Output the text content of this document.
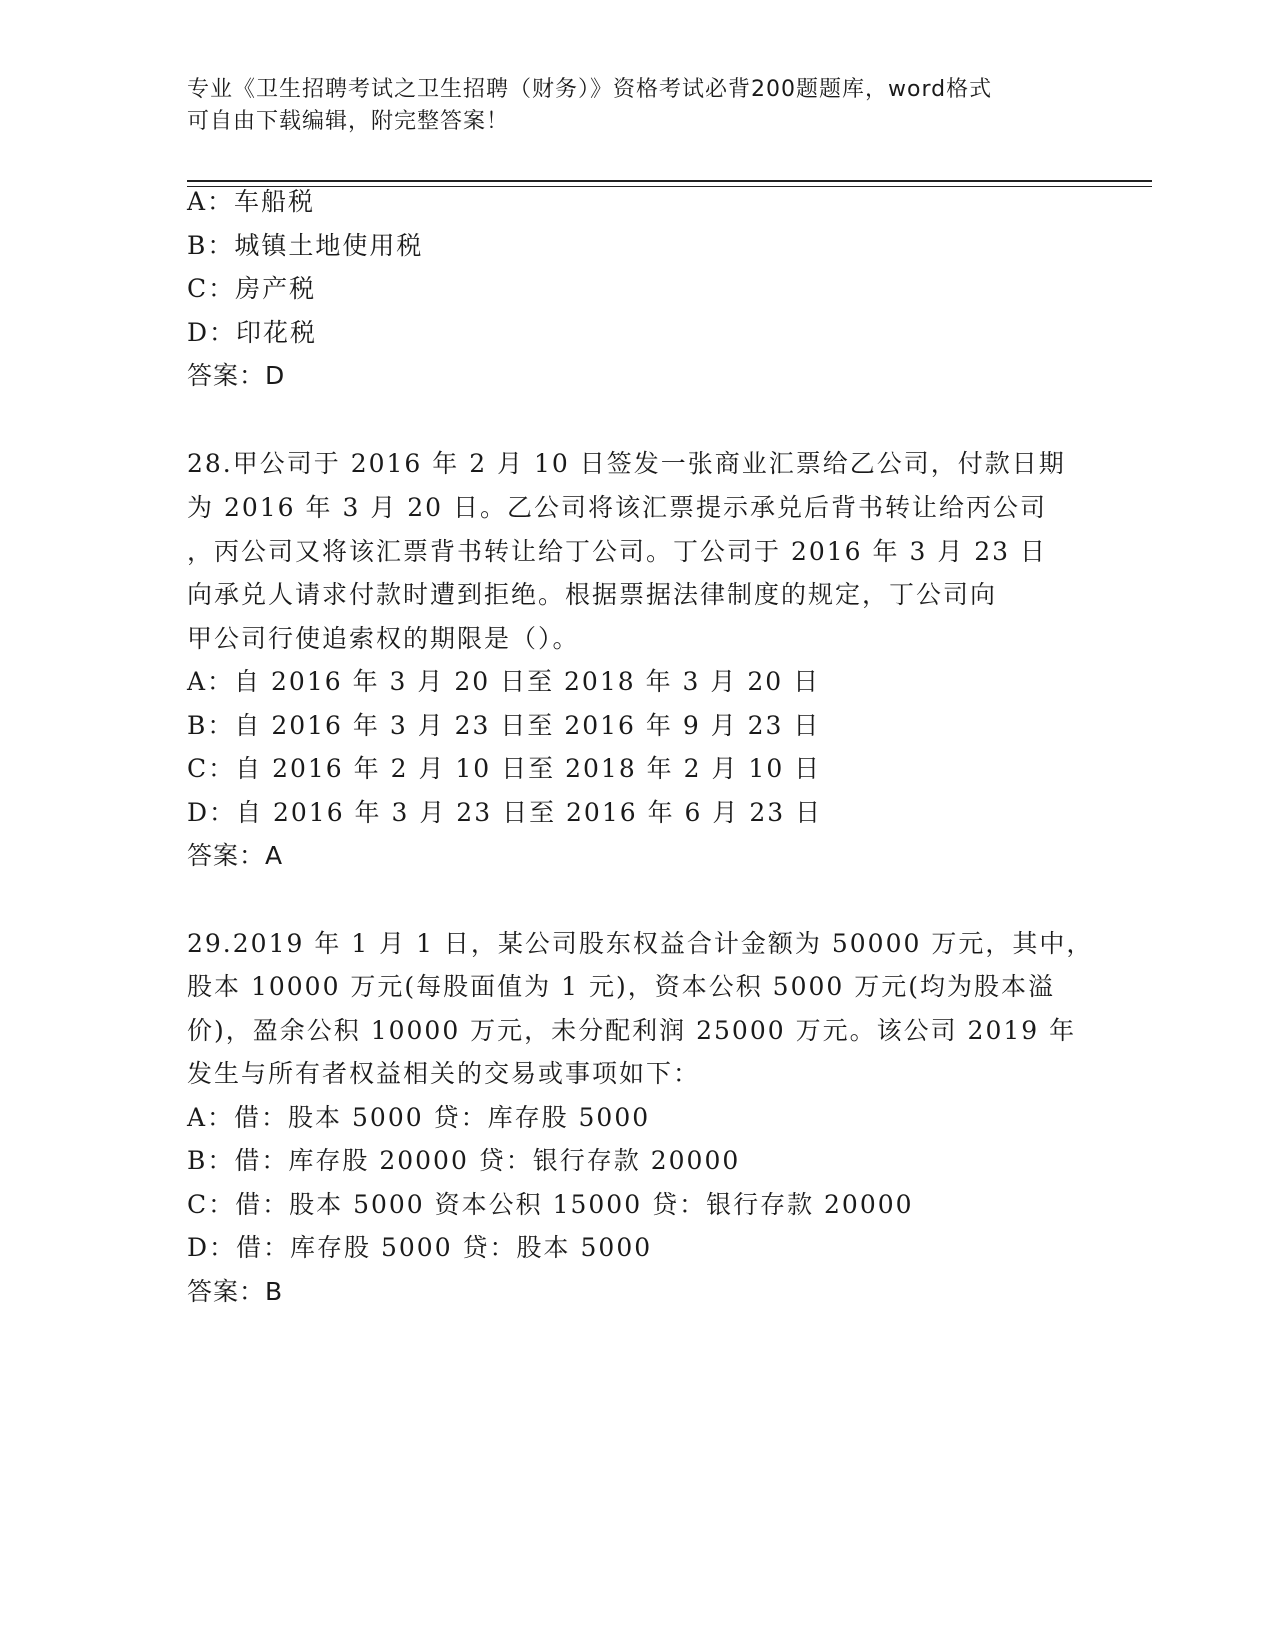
专业《卫生招聘考试之卫生招聘（财务）》资格考试必背200题题库，word格式
可自由下载编辑，附完整答案！
A：车船税
B：城镇土地使用税
C：房产税
D：印花税
答案：D
28.甲公司于 2016 年 2 月 10 日签发一张商业汇票给乙公司，付款日期
为 2016 年 3 月 20 日。乙公司将该汇票提示承兑后背书转让给丙公司
，丙公司又将该汇票背书转让给丁公司。丁公司于 2016 年 3 月 23 日
向承兑人请求付款时遭到拒绝。根据票据法律制度的规定，丁公司向
甲公司行使追索权的期限是（）。
A：自 2016 年 3 月 20 日至 2018 年 3 月 20 日
B：自 2016 年 3 月 23 日至 2016 年 9 月 23 日
C：自 2016 年 2 月 10 日至 2018 年 2 月 10 日
D：自 2016 年 3 月 23 日至 2016 年 6 月 23 日
答案：A
29.2019 年 1 月 1 日，某公司股东权益合计金额为 50000 万元，其中，
股本 10000 万元(每股面值为 1 元)，资本公积 5000 万元(均为股本溢
价)，盈余公积 10000 万元，未分配利润 25000 万元。该公司 2019 年
发生与所有者权益相关的交易或事项如下：
A：借：股本 5000 贷：库存股 5000
B：借：库存股 20000 贷：银行存款 20000
C：借：股本 5000 资本公积 15000 贷：银行存款 20000
D：借：库存股 5000 贷：股本 5000
答案：B
